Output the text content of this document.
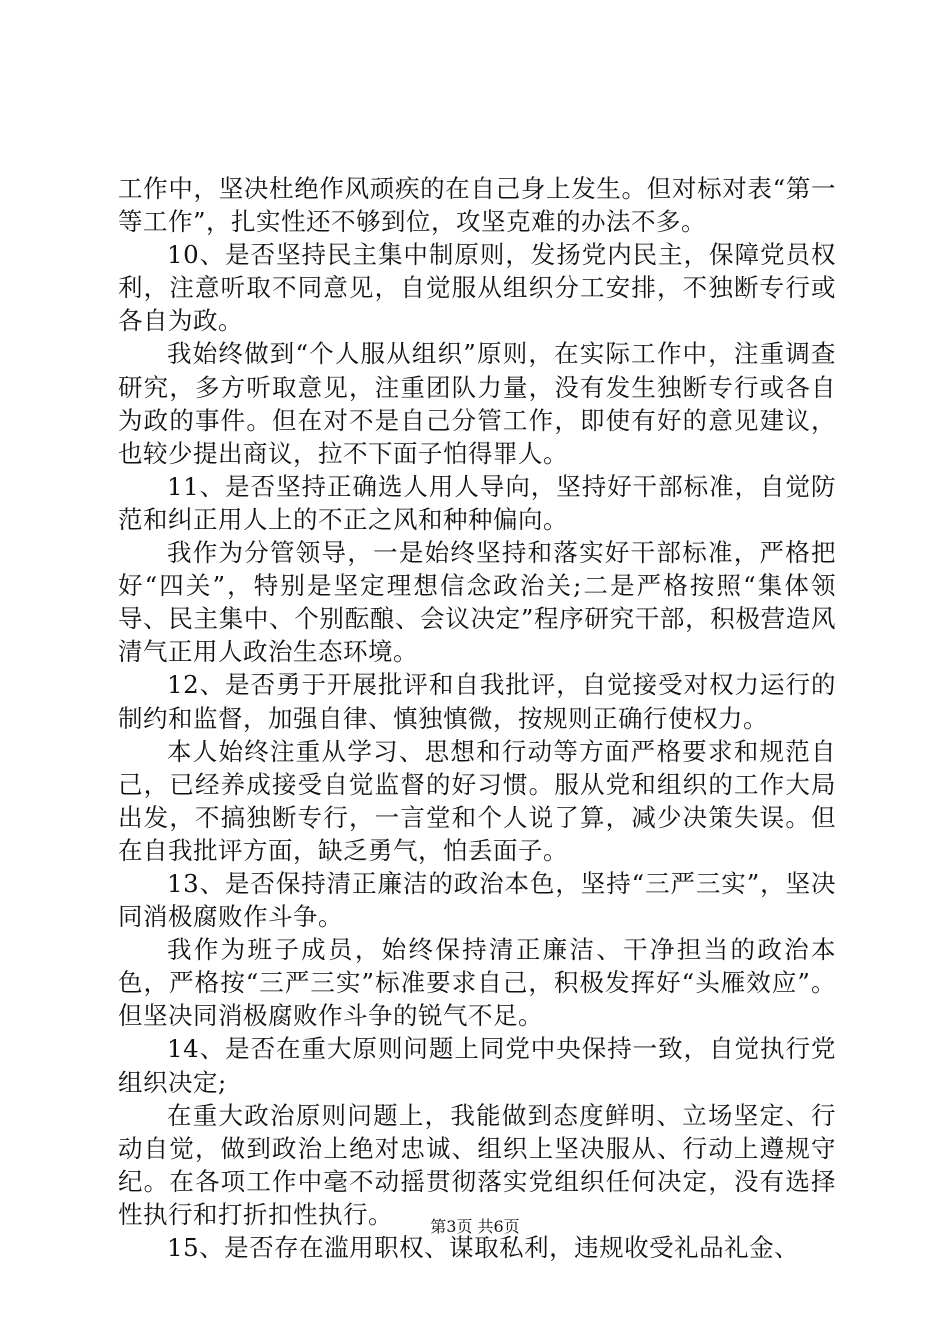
工作中，坚决杜绝作风顽疾的在自己身上发生。但对标对表“第一等工作”，扎实性还不够到位，攻坚克难的办法不多。

10、是否坚持民主集中制原则，发扬党内民主，保障党员权利，注意听取不同意见，自觉服从组织分工安排，不独断专行或各自为政。

我始终做到“个人服从组织”原则，在实际工作中，注重调查研究，多方听取意见，注重团队力量，没有发生独断专行或各自为政的事件。但在对不是自己分管工作，即使有好的意见建议，也较少提出商议，拉不下面子怕得罪人。

11、是否坚持正确选人用人导向，坚持好干部标准，自觉防范和纠正用人上的不正之风和种种偏向。

我作为分管领导，一是始终坚持和落实好干部标准，严格把好“四关”，特别是坚定理想信念政治关;二是严格按照“集体领导、民主集中、个别酝酿、会议决定”程序研究干部，积极营造风清气正用人政治生态环境。

12、是否勇于开展批评和自我批评，自觉接受对权力运行的制约和监督，加强自律、慎独慎微，按规则正确行使权力。

本人始终注重从学习、思想和行动等方面严格要求和规范自己，已经养成接受自觉监督的好习惯。服从党和组织的工作大局出发，不搞独断专行，一言堂和个人说了算，减少决策失误。但在自我批评方面，缺乏勇气，怕丢面子。

13、是否保持清正廉洁的政治本色，坚持“三严三实”，坚决同消极腐败作斗争。

我作为班子成员，始终保持清正廉洁、干净担当的政治本色，严格按“三严三实”标准要求自己，积极发挥好“头雁效应”。但坚决同消极腐败作斗争的锐气不足。

14、是否在重大原则问题上同党中央保持一致，自觉执行党组织决定;

在重大政治原则问题上，我能做到态度鲜明、立场坚定、行动自觉，做到政治上绝对忠诚、组织上坚决服从、行动上遵规守纪。在各项工作中毫不动摇贯彻落实党组织任何决定，没有选择性执行和打折扣性执行。

15、是否存在滥用职权、谋取私利，违规收受礼品礼金、

第3页 共6页
